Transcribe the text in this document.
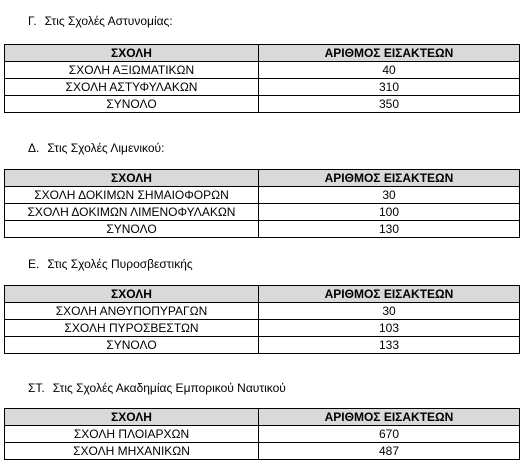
Γ. Στις Σχολές Αστυνομίας:
ΣΧΟΛΗ	ΑΡΙΘΜΟΣ ΕΙΣΑΚΤΕΩΝ
ΣΧΟΛΗ ΑΞΙΩΜΑΤΙΚΩΝ	40
ΣΧΟΛΗ ΑΣΤΥΦΥΛΑΚΩΝ	310
ΣΥΝΟΛΟ	350
Δ. Στις Σχολές Λιμενικού:
ΣΧΟΛΗ	ΑΡΙΘΜΟΣ ΕΙΣΑΚΤΕΩΝ
ΣΧΟΛΗ ΔΟΚΙΜΩΝ ΣΗΜΑΙΟΦΟΡΩΝ	30
ΣΧΟΛΗ ΔΟΚΙΜΩΝ ΛΙΜΕΝΟΦΥΛΑΚΩΝ	100
ΣΥΝΟΛΟ	130
Ε. Στις Σχολές Πυροσβεστικής
ΣΧΟΛΗ	ΑΡΙΘΜΟΣ ΕΙΣΑΚΤΕΩΝ
ΣΧΟΛΗ ΑΝΘΥΠΟΠΥΡΑΓΩΝ	30
ΣΧΟΛΗ ΠΥΡΟΣΒΕΣΤΩΝ	103
ΣΥΝΟΛΟ	133
ΣΤ. Στις Σχολές Ακαδημίας Εμπορικού Ναυτικού
ΣΧΟΛΗ	ΑΡΙΘΜΟΣ ΕΙΣΑΚΤΕΩΝ
ΣΧΟΛΗ ΠΛΟΙΑΡΧΩΝ	670
ΣΧΟΛΗ ΜΗΧΑΝΙΚΩΝ	487
